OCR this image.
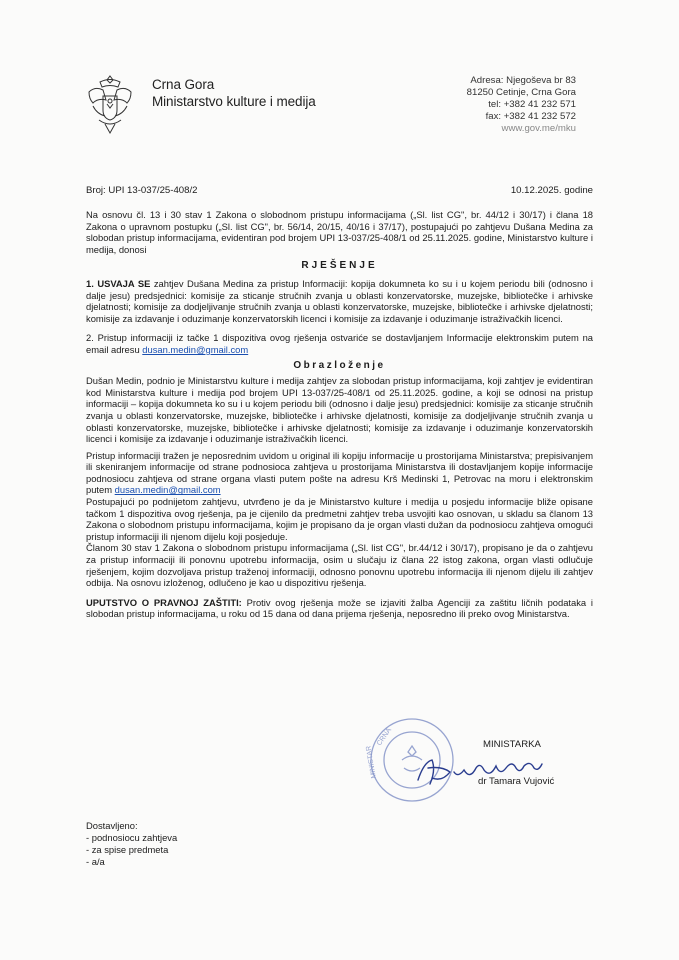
Crna Gora
Ministarstvo kulture i medija
Adresa: Njegoševa br 83
81250 Cetinje, Crna Gora
tel: +382 41 232 571
fax: +382 41 232 572
www.gov.me/mku
Broj: UPI 13-037/25-408/2	10.12.2025. godine

Na osnovu čl. 13 i 30 stav 1 Zakona o slobodnom pristupu informacijama („Sl. list CG", br. 44/12 i 30/17) i člana 18 Zakona o upravnom postupku („Sl. list CG", br. 56/14, 20/15, 40/16 i 37/17), postupajući po zahtjevu Dušana Medina za slobodan pristup informacijama, evidentiran pod brojem UPI 13-037/25-408/1 od 25.11.2025. godine, Ministarstvo kulture i medija, donosi

RJEŠENJE

1. USVAJA SE zahtjev Dušana Medina za pristup Informaciji: kopija dokumneta ko su i u kojem periodu bili (odnosno i dalje jesu) predsjednici: komisije za sticanje stručnih zvanja u oblasti konzervatorske, muzejske, bibliotečke i arhivske djelatnosti; komisije za dodjeljivanje stručnih zvanja u oblasti konzervatorske, muzejske, bibliotečke i arhivske djelatnosti; komisije za izdavanje i oduzimanje konzervatorskih licenci i komisije za izdavanje i oduzimanje istraživačkih licenci.

2. Pristup informaciji iz tačke 1 dispozitiva ovog rješenja ostvariće se dostavljanjem Informacije elektronskim putem na email adresu dusan.medin@gmail.com

Obrazloženje

Dušan Medin, podnio je Ministarstvu kulture i medija zahtjev za slobodan pristup informacijama, koji zahtjev je evidentiran kod Ministarstva kulture i medija pod brojem UPI 13-037/25-408/1 od 25.11.2025. godine, a koji se odnosi na pristup informaciji – kopija dokumneta ko su i u kojem periodu bili (odnosno i dalje jesu) predsjednici: komisije za sticanje stručnih zvanja u oblasti konzervatorske, muzejske, bibliotečke i arhivske djelatnosti, komisije za dodjeljivanje stručnih zvanja u oblasti konzervatorske, muzejske, bibliotečke i arhivske djelatnosti; komisije za izdavanje i oduzimanje konzervatorskih licenci i komisije za izdavanje i oduzimanje istraživačkih licenci.

Pristup informaciji tražen je neposrednim uvidom u original ili kopiju informacije u prostorijama Ministarstva; prepisivanjem ili skeniranjem informacije od strane podnosioca zahtjeva u prostorijama Ministarstva ili dostavljanjem kopije informacije podnosiocu zahtjeva od strane organa vlasti putem pošte na adresu Krš Medinski 1, Petrovac na moru i elektronskim putem dusan.medin@gmail.com

Postupajući po podnijetom zahtjevu, utvrđeno je da je Ministarstvo kulture i medija u posjedu informacije bliže opisane tačkom 1 dispozitiva ovog rješenja, pa je cijenilo da predmetni zahtjev treba usvojiti kao osnovan, u skladu sa članom 13 Zakona o slobodnom pristupu informacijama, kojim je propisano da je organ vlasti dužan da podnosiocu zahtjeva omogući pristup informaciji ili njenom dijelu koji posjeduje.

Članom 30 stav 1 Zakona o slobodnom pristupu informacijama („Sl. list CG", br.44/12 i 30/17), propisano je da o zahtjevu za pristup informaciji ili ponovnu upotrebu informacija, osim u slučaju iz člana 22 istog zakona, organ vlasti odlučuje rješenjem, kojim dozvoljava pristup traženoj informaciji, odnosno ponovnu upotrebu informacija ili njenom dijelu ili zahtjev odbija. Na osnovu izloženog, odlučeno je kao u dispozitivu rješenja.

UPUTSTVO O PRAVNOJ ZAŠTITI: Protiv ovog rješenja može se izjaviti žalba Agenciji za zaštitu ličnih podataka i slobodan pristup informacijama, u roku od 15 dana od dana prijema rješenja, neposredno ili preko ovog Ministarstva.

CRNA
MINISTAR
MINISTARKA
dr Tamara Vujović
Dostavljeno:
- podnosiocu zahtjeva
- za spise predmeta
- a/a
